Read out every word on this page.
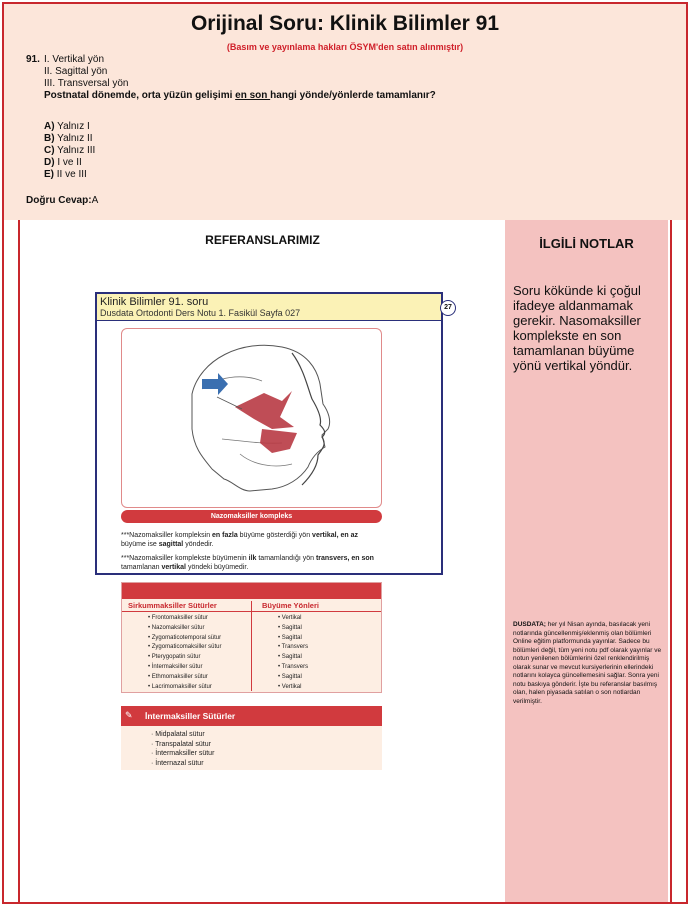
Orijinal Soru: Klinik Bilimler 91
(Basım ve yayınlama hakları ÖSYM'den satın alınmıştır)
91. I. Vertikal yön
II. Sagittal yön
III. Transversal yön
Postnatal dönemde, orta yüzün gelişimi en son hangi yönde/yönlerde tamamlanır?
A) Yalnız I
B) Yalnız II
C) Yalnız III
D) I ve II
E) II ve III
Doğru Cevap:A
REFERANSLARIMIZ	İLGİLİ NOTLAR
Soru kökünde ki çoğul ifadeye aldanmamak gerekir. Nasomaksiller komplekste en son tamamlanan büyüme yönü vertikal yöndür.
DUSDATA; her yıl Nisan ayında, basılacak yeni notlarında güncellenmiş/eklenmiş olan bölümleri Online eğitim platformunda yayınlar. Sadece bu bölümleri değil, tüm yeni notu pdf olarak yayınlar ve notun yenilenen bölümlerini özel renklendirilmiş olarak sunar ve mevcut kursiyerlerinin ellerindeki notlarını kolayca güncellemesini sağlar. Sonra yeni notu baskıya gönderir. İşte bu referanslar basılmış olan, halen piyasada satılan o son notlardan verilmiştir.
Klinik Bilimler 91. soru
Dusdata Ortodonti Ders Notu 1. Fasikül Sayfa 027
27
Nazomaksiller kompleks
***Nazomaksiller kompleksin en fazla büyüme gösterdiği yön vertikal, en az büyüme ise sagittal yöndedir.
***Nazomaksiller komplekste büyümenin ilk tamamlandığı yön transvers, en son tamamlanan vertikal yöndeki büyümedir.
Sirkummaksiller Sütürler	Büyüme Yönleri
• Frontomaksiller sütur
• Nazomaksiller sütur
• Zygomaticotemporal sütur
• Zygomaticomaksiller sütur
• Pterygopatin sütur
• İntermaksiller sütur
• Ethmomaksiller sütur
• Lacrimomaksiller sütur
• Vertikal
• Sagittal
• Sagittal
• Transvers
• Sagittal
• Transvers
• Sagittal
• Vertikal
✎ İntermaksiller Sütürler
· Midpalatal sütur
· Transpalatal sütur
· İntermaksiller sütur
· İnternazal sütur
